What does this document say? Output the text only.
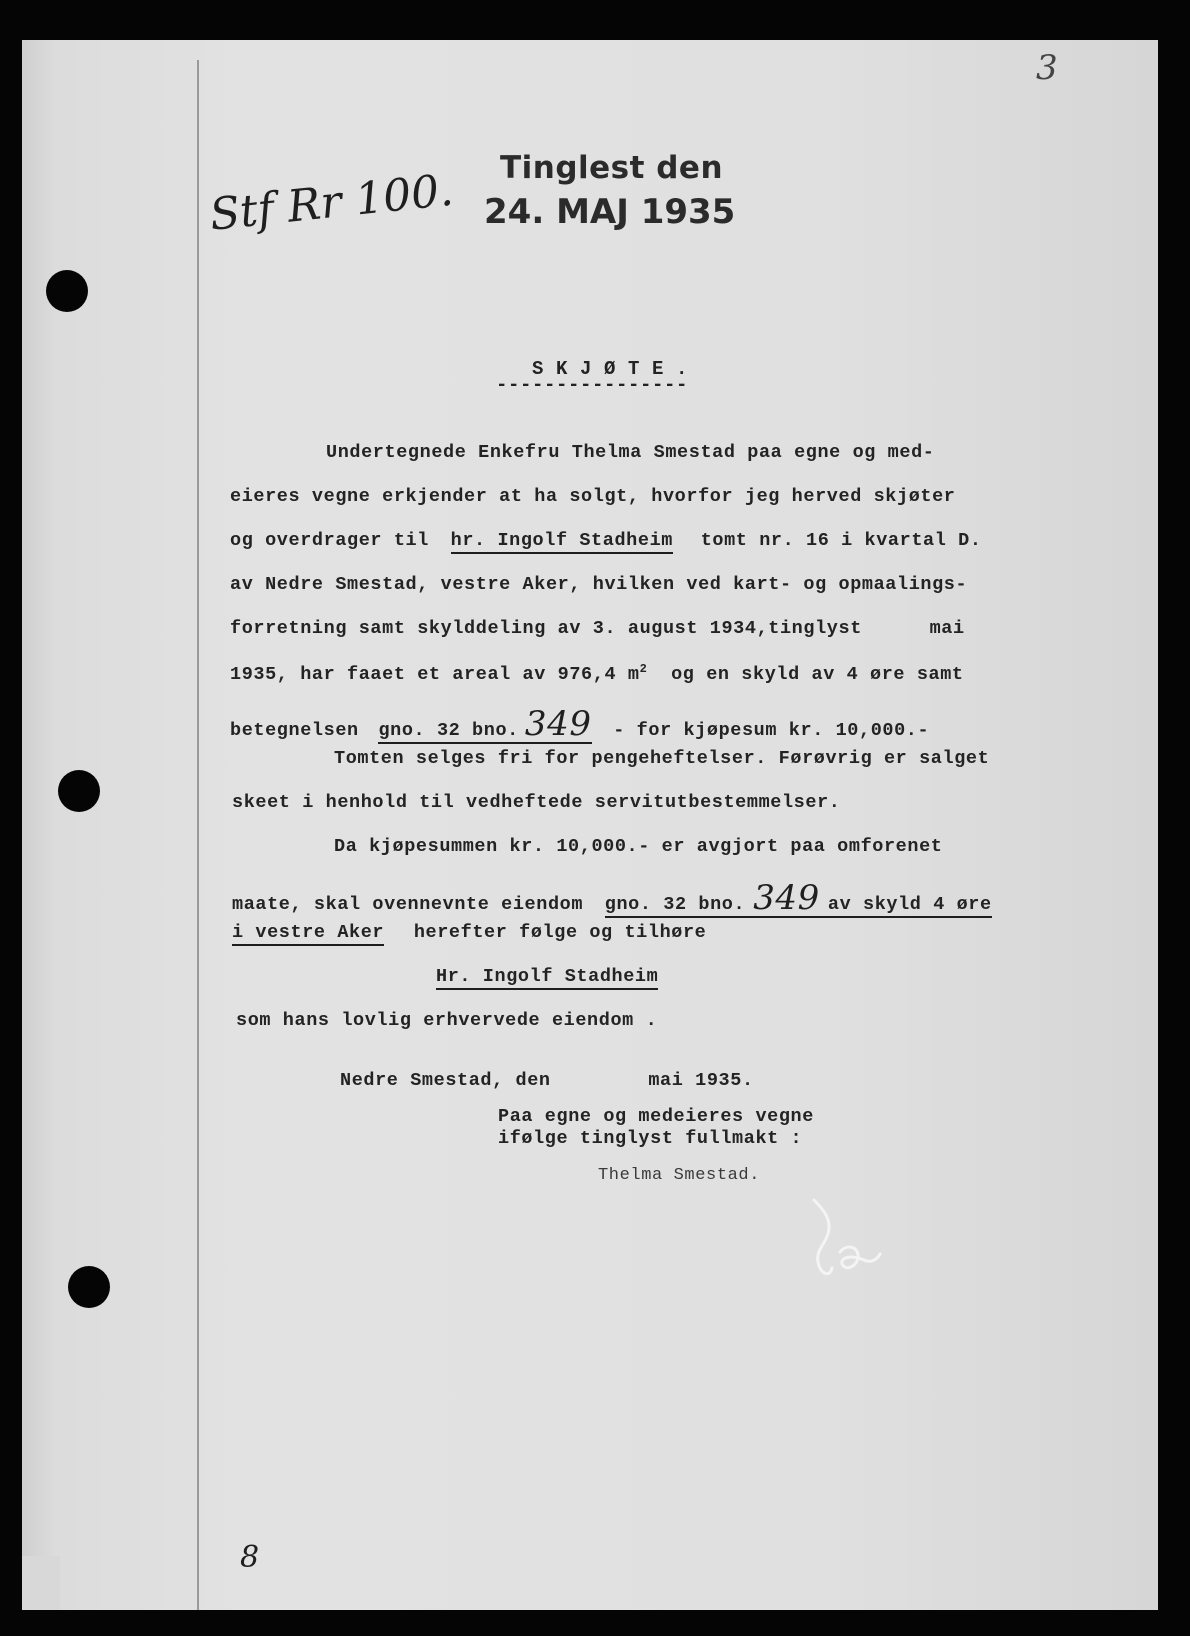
3
Tinglest den
Stf Rr 100. 24. MAJ 1935
S K J Ø T E .
----------------
Undertegnede Enkefru Thelma Smestad paa egne og med-
eieres vegne erkjender at ha solgt, hvorfor jeg herved skjøter
og overdrager til hr. Ingolf Stadheim tomt nr. 16 i kvartal D.
av Nedre Smestad, vestre Aker, hvilken ved kart- og opmaalings-
forretning samt skylddeling av 3. august 1934,tinglyst	mai
1935, har faaet et areal av 976,4 $m^2$ og en skyld av 4 øre samt
betegnelsen gno. 32 bno. 349 - for kjøpesum kr. 10,000.-
Tomten selges fri for pengeheftelser. Førøvrig er salget
skeet i henhold til vedheftede servitutbestemmelser.
Da kjøpesummen kr. 10,000.- er avgjort paa omforenet
maate, skal ovennevnte eiendom gno. 32 bno. 349 av skyld 4 øre
i vestre Aker herefter følge og tilhøre
Hr. Ingolf Stadheim
som hans lovlig erhvervede eiendom .
Nedre Smestad, den	mai 1935.
Paa egne og medeieres vegne
ifølge tinglyst fullmakt :
Thelma Smestad.
8
